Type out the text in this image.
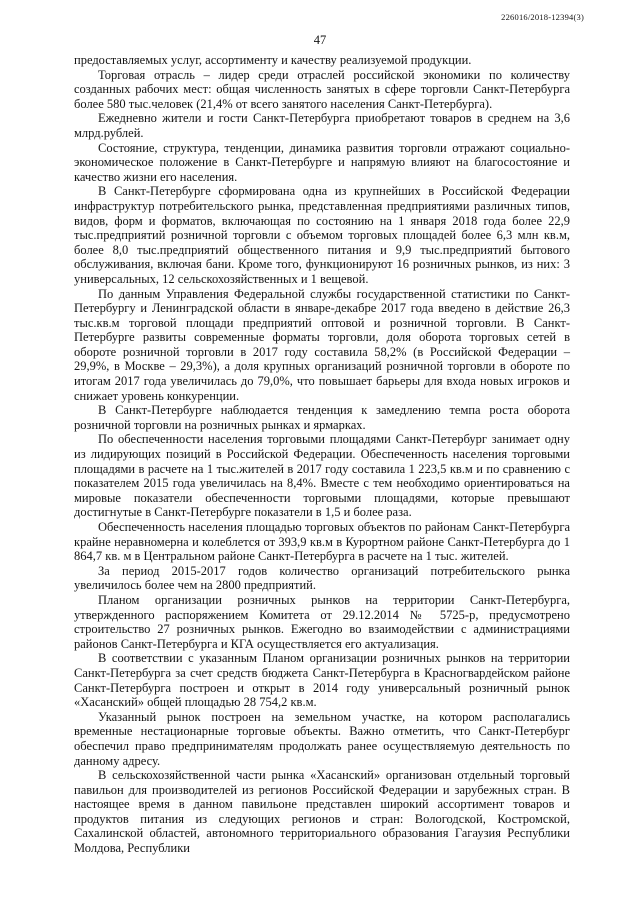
226016/2018-12394(3)
47

предоставляемых услуг, ассортименту и качеству реализуемой продукции.

Торговая отрасль – лидер среди отраслей российской экономики по количеству созданных рабочих мест: общая численность занятых в сфере торговли Санкт-Петербурга более 580 тыс.человек (21,4% от всего занятого населения Санкт-Петербурга).

Ежедневно жители и гости Санкт-Петербурга приобретают товаров в среднем на 3,6 млрд.рублей.

Состояние, структура, тенденции, динамика развития торговли отражают социально-экономическое положение в Санкт-Петербурге и напрямую влияют на благосостояние и качество жизни его населения.

В Санкт-Петербурге сформирована одна из крупнейших в Российской Федерации инфраструктур потребительского рынка, представленная предприятиями различных типов, видов, форм и форматов, включающая по состоянию на 1 января 2018 года более 22,9 тыс.предприятий розничной торговли с объемом торговых площадей более 6,3 млн кв.м, более 8,0 тыс.предприятий общественного питания и 9,9 тыс.предприятий бытового обслуживания, включая бани. Кроме того, функционируют 16 розничных рынков, из них: 3 универсальных, 12 сельскохозяйственных и 1 вещевой.

По данным Управления Федеральной службы государственной статистики по Санкт-Петербургу и Ленинградской области в январе-декабре 2017 года введено в действие 26,3 тыс.кв.м торговой площади предприятий оптовой и розничной торговли. В Санкт-Петербурге развиты современные форматы торговли, доля оборота торговых сетей в обороте розничной торговли в 2017 году составила 58,2% (в Российской Федерации – 29,9%, в Москве – 29,3%), а доля крупных организаций розничной торговли в обороте по итогам 2017 года увеличилась до 79,0%, что повышает барьеры для входа новых игроков и снижает уровень конкуренции.

В Санкт-Петербурге наблюдается тенденция к замедлению темпа роста оборота розничной торговли на розничных рынках и ярмарках.

По обеспеченности населения торговыми площадями Санкт-Петербург занимает одну из лидирующих позиций в Российской Федерации. Обеспеченность населения торговыми площадями в расчете на 1 тыс.жителей в 2017 году составила 1 223,5 кв.м и по сравнению с показателем 2015 года увеличилась на 8,4%. Вместе с тем необходимо ориентироваться на мировые показатели обеспеченности торговыми площадями, которые превышают достигнутые в Санкт-Петербурге показатели в 1,5 и более раза.

Обеспеченность населения площадью торговых объектов по районам Санкт-Петербурга крайне неравномерна и колеблется от 393,9 кв.м в Курортном районе Санкт-Петербурга до 1 864,7 кв. м в Центральном районе Санкт-Петербурга в расчете на 1 тыс. жителей.

За период 2015-2017 годов количество организаций потребительского рынка увеличилось более чем на 2800 предприятий.

Планом организации розничных рынков на территории Санкт-Петербурга, утвержденного распоряжением Комитета от 29.12.2014 № 5725-р, предусмотрено строительство 27 розничных рынков. Ежегодно во взаимодействии с администрациями районов Санкт-Петербурга и КГА осуществляется его актуализация.

В соответствии с указанным Планом организации розничных рынков на территории Санкт-Петербурга за счет средств бюджета Санкт-Петербурга в Красногвардейском районе Санкт-Петербурга построен и открыт в 2014 году универсальный розничный рынок «Хасанский» общей площадью 28 754,2 кв.м.

Указанный рынок построен на земельном участке, на котором располагались временные нестационарные торговые объекты. Важно отметить, что Санкт-Петербург обеспечил право предпринимателям продолжать ранее осуществляемую деятельность по данному адресу.

В сельскохозяйственной части рынка «Хасанский» организован отдельный торговый павильон для производителей из регионов Российской Федерации и зарубежных стран. В настоящее время в данном павильоне представлен широкий ассортимент товаров и продуктов питания из следующих регионов и стран: Вологодской, Костромской, Сахалинской областей, автономного территориального образования Гагаузия Республики Молдова, Республики
